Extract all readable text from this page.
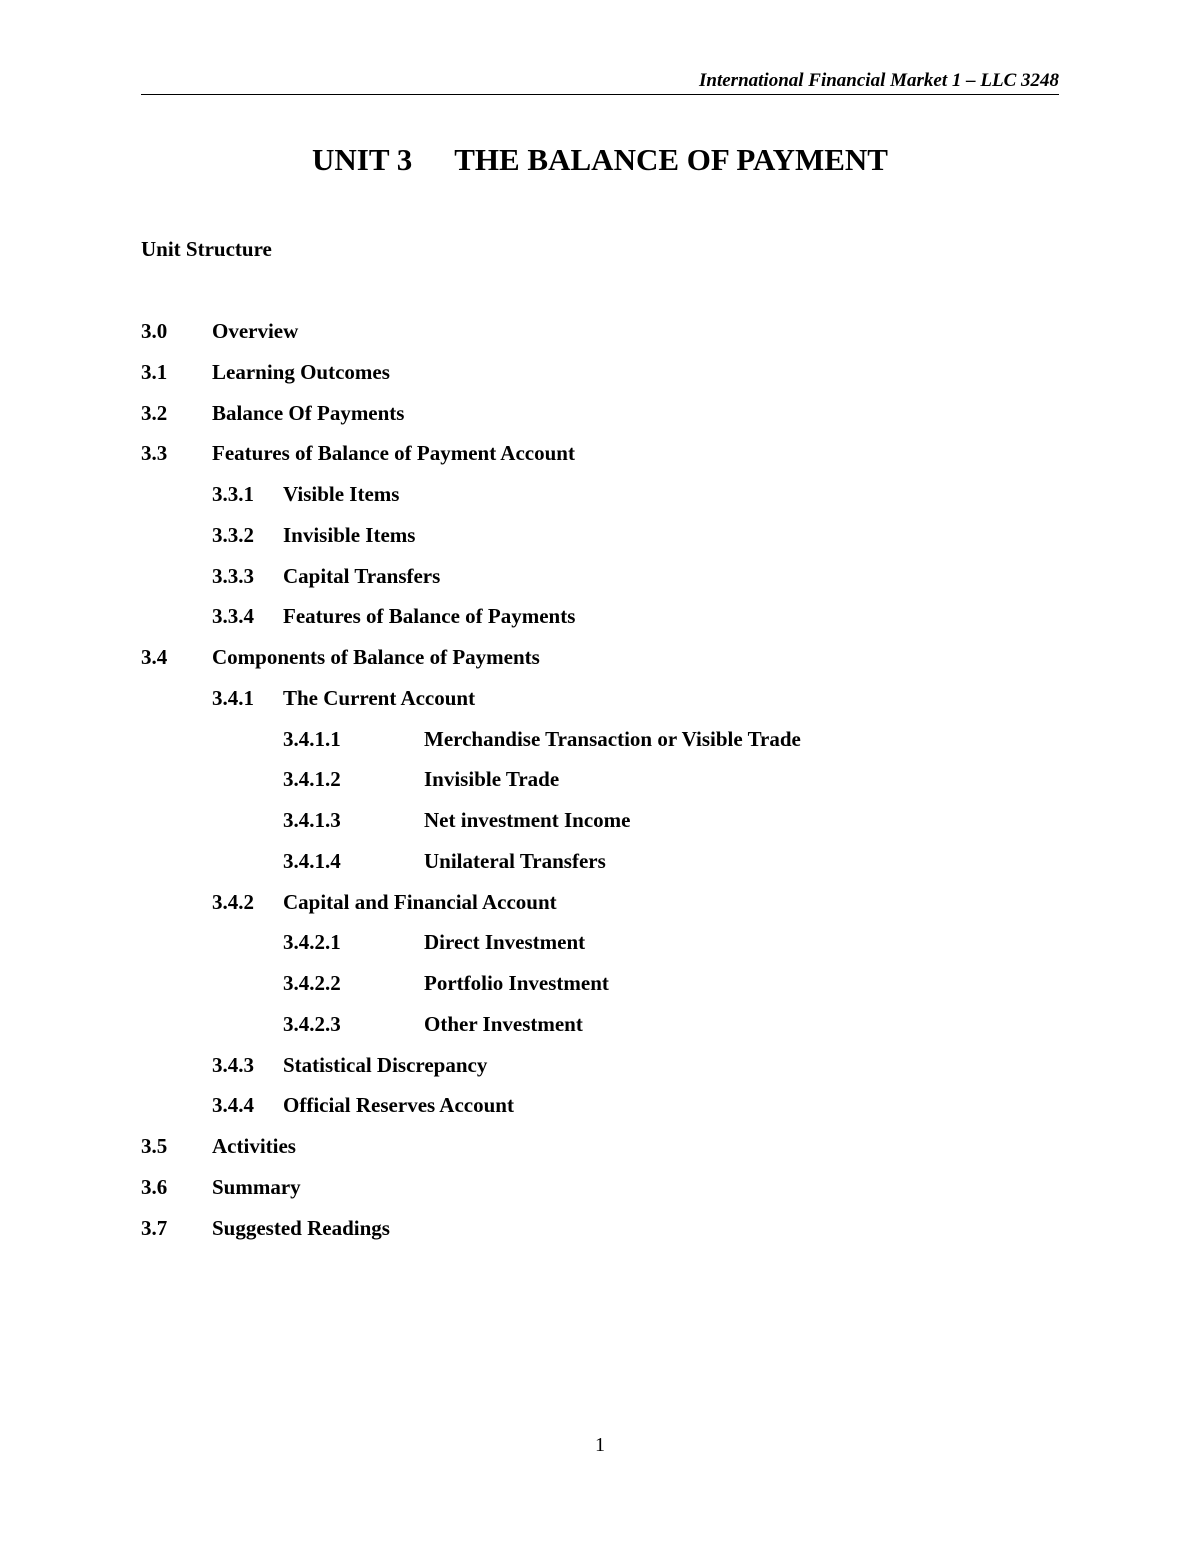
International Financial Market 1 – LLC 3248
UNIT 3 THE BALANCE OF PAYMENT
Unit Structure
3.0 Overview
3.1 Learning Outcomes
3.2 Balance Of Payments
3.3 Features of Balance of Payment Account
3.3.1 Visible Items
3.3.2 Invisible Items
3.3.3 Capital Transfers
3.3.4 Features of Balance of Payments
3.4 Components of Balance of Payments
3.4.1 The Current Account
3.4.1.1	Merchandise Transaction or Visible Trade
3.4.1.2	Invisible Trade
3.4.1.3	Net investment Income
3.4.1.4	Unilateral Transfers
3.4.2 Capital and Financial Account
3.4.2.1	Direct Investment
3.4.2.2	Portfolio Investment
3.4.2.3	Other Investment
3.4.3 Statistical Discrepancy
3.4.4 Official Reserves Account
3.5 Activities
3.6 Summary
3.7 Suggested Readings
1
